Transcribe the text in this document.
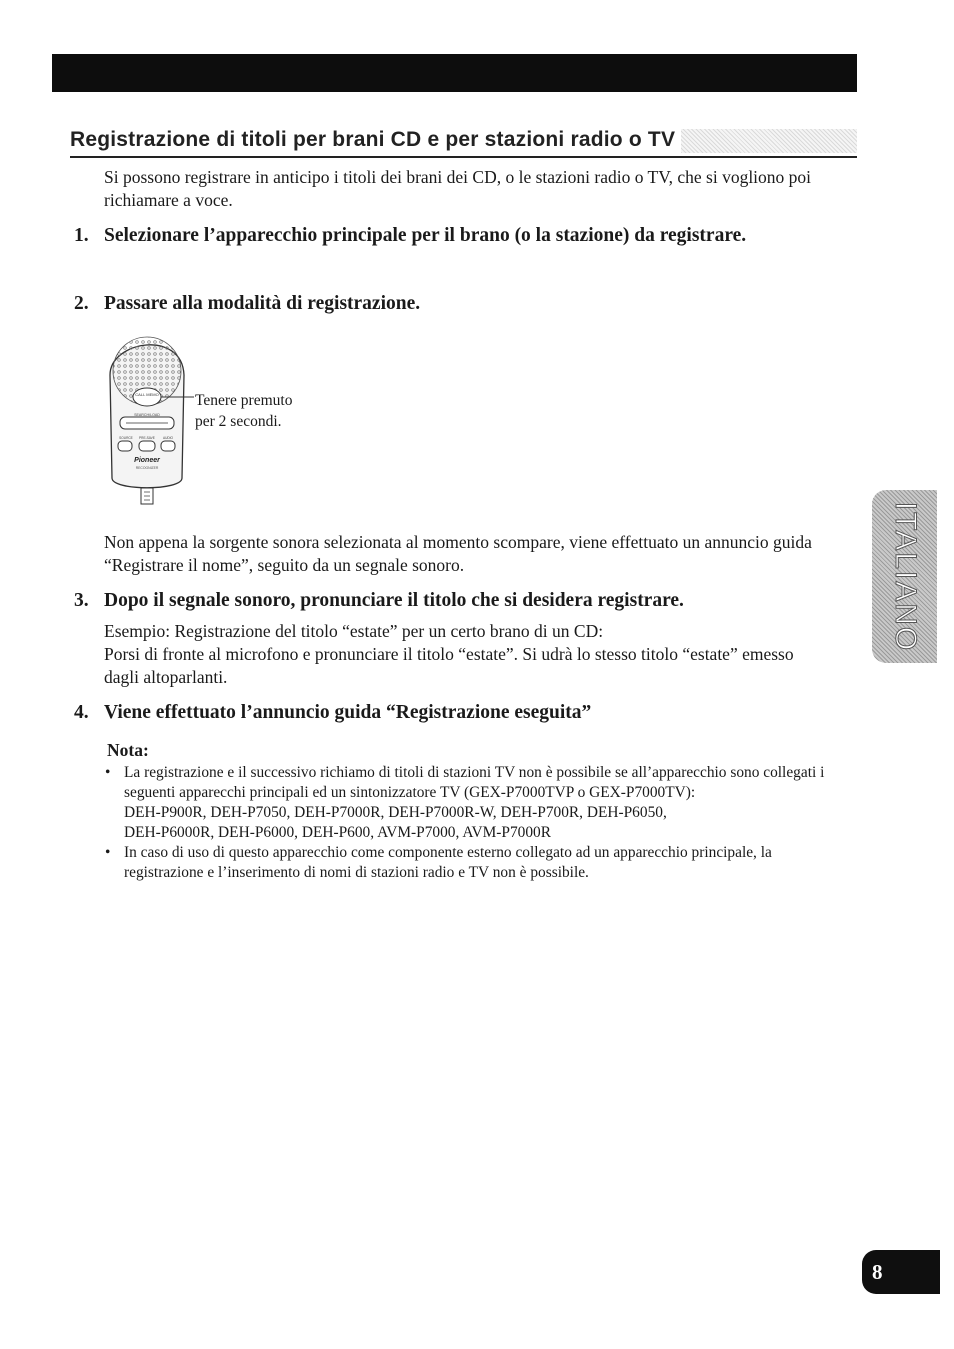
Registrazione di titoli per brani CD e per stazioni radio o TV

Si possono registrare in anticipo i titoli dei brani dei CD, o le stazioni radio o TV, che si vogliono poi richiamare a voce.

1. Selezionare l’apparecchio principale per il brano (o la stazione) da registrare.
2. Passare alla modalità di registrazione.
CALL MEMO
SEARCH/LOAD
SOURCE PRE-SAVE	AUDIO
Pioneer
RECOGNIZER

Tenere premuto
per 2 secondi.

Non appena la sorgente sonora selezionata al momento scompare, viene effettuato un annuncio guida “Registrare il nome”, seguito da un segnale sonoro.

3. Dopo il segnale sonoro, pronunciare il titolo che si desidera registrare.
Esempio: Registrazione del titolo “estate” per un certo brano di un CD:
Porsi di fronte al microfono e pronunciare il titolo “estate”. Si udrà lo stesso titolo “estate” emesso dagli altoparlanti.
4. Viene effettuato l’annuncio guida “Registrazione eseguita”

Nota:

• La registrazione e il successivo richiamo di titoli di stazioni TV non è possibile se all’apparecchio sono collegati i seguenti apparecchi principali ed un sintonizzatore TV (GEX-P7000TVP o GEX-P7000TV):
DEH-P900R, DEH-P7050, DEH-P7000R, DEH-P7000R-W, DEH-P700R, DEH-P6050,
DEH-P6000R, DEH-P6000, DEH-P600, AVM-P7000, AVM-P7000R
• In caso di uso di questo apparecchio come componente esterno collegato ad un apparecchio principale, la registrazione e l’inserimento di nomi di stazioni radio e TV non è possibile.
ITALIANO
8
